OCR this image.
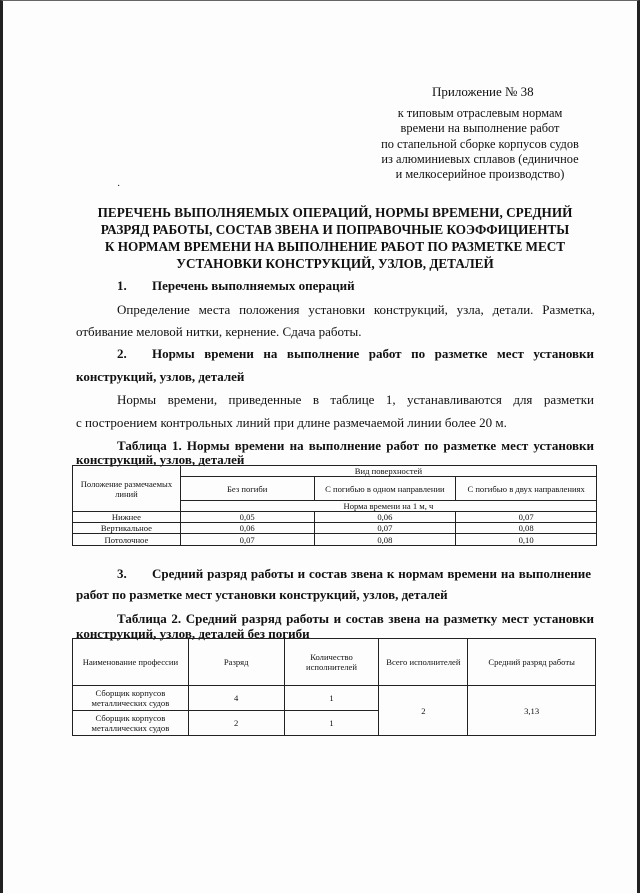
Приложение № 38
к типовым отраслевым нормам
времени на выполнение работ
по стапельной сборке корпусов судов
из алюминиевых сплавов (единичное
и мелкосерийное производство)
·
ПЕРЕЧЕНЬ ВЫПОЛНЯЕМЫХ ОПЕРАЦИЙ, НОРМЫ ВРЕМЕНИ, СРЕДНИЙ
РАЗРЯД РАБОТЫ, СОСТАВ ЗВЕНА И ПОПРАВОЧНЫЕ КОЭФФИЦИЕНТЫ
К НОРМАМ ВРЕМЕНИ НА ВЫПОЛНЕНИЕ РАБОТ ПО РАЗМЕТКЕ МЕСТ
УСТАНОВКИ КОНСТРУКЦИЙ, УЗЛОВ, ДЕТАЛЕЙ
1. Перечень выполняемых операций
Определение места положения установки конструкций, узла, детали. Разметка,
отбивание меловой нитки, кернение. Сдача работы.
2. Нормы времени на выполнение работ по разметке мест установки
конструкций, узлов, деталей
Нормы времени, приведенные в таблице 1, устанавливаются для разметки
с построением контрольных линий при длине размечаемой линии более 20 м.
Таблица 1. Нормы времени на выполнение работ по разметке мест установки
конструкций, узлов, деталей
Положение размечаемых линий	Вид поверхностей		
	Без погиби	С погибью в одном направлении	С погибью в двух направлениях
	Норма времени на 1 м, ч		
Нижнее	0,05	0,06	0,07
Вертикальное	0,06	0,07	0,08
Потолочное	0,07	0,08	0,10
3. Средний разряд работы и состав звена к нормам времени на выполнение
работ по разметке мест установки конструкций, узлов, деталей
Таблица 2. Средний разряд работы и состав звена на разметку мест установки
конструкций, узлов, деталей без погиби
Наименование профессии	Разряд	Количество исполнителей	Всего исполнителей	Средний разряд работы
Сборщик корпусов металлических судов	4	1	2	3,13
Сборщик корпусов металлических судов	2	1		
